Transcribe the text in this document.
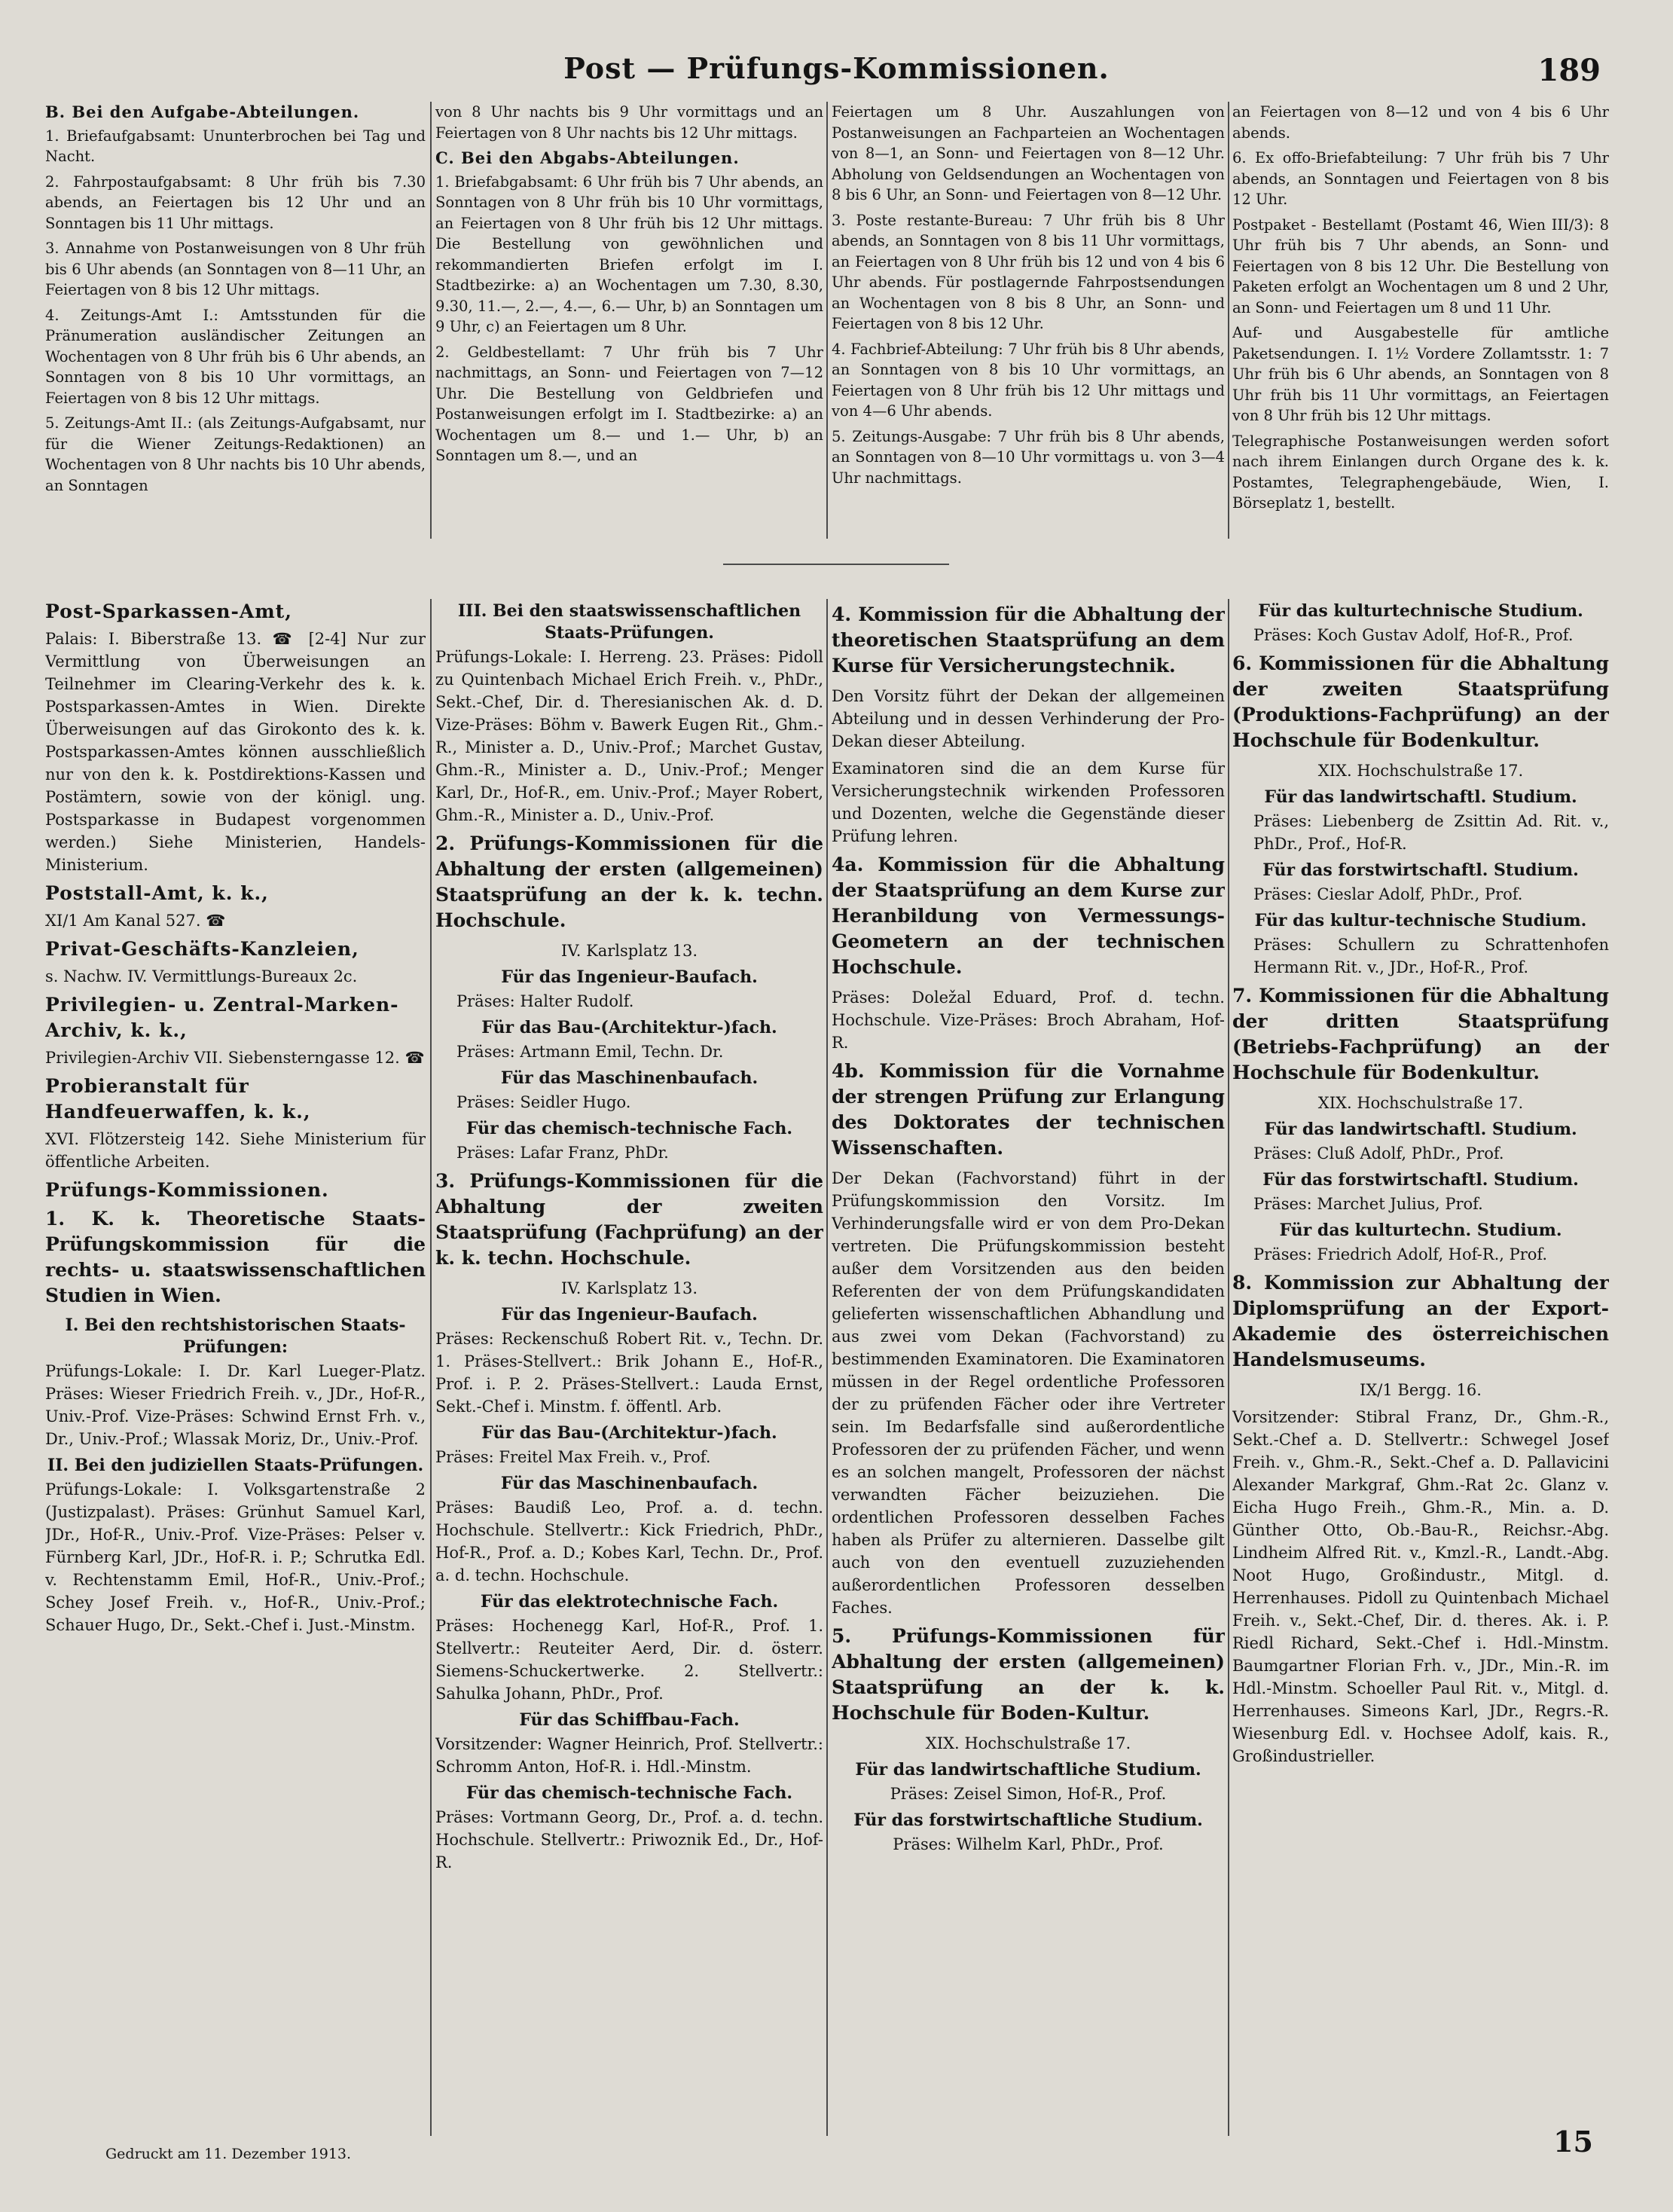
Post — Prüfungs-Kommissionen.	189
B. Bei den Aufgabe-Abteilungen.

1. Briefaufgabsamt: Ununterbrochen bei Tag und Nacht.

2. Fahrpostaufgabsamt: 8 Uhr früh bis 7.30 abends, an Feiertagen bis 12 Uhr und an Sonntagen bis 11 Uhr mittags.

3. Annahme von Postanweisungen von 8 Uhr früh bis 6 Uhr abends (an Sonntagen von 8—11 Uhr, an Feiertagen von 8 bis 12 Uhr mittags.

4. Zeitungs-Amt I.: Amtsstunden für die Pränumeration ausländischer Zeitungen an Wochentagen von 8 Uhr früh bis 6 Uhr abends, an Sonntagen von 8 bis 10 Uhr vormittags, an Feiertagen von 8 bis 12 Uhr mittags.

5. Zeitungs-Amt II.: (als Zeitungs-Aufgabsamt, nur für die Wiener Zeitungs-Redaktionen) an Wochentagen von 8 Uhr nachts bis 10 Uhr abends, an Sonntagen

von 8 Uhr nachts bis 9 Uhr vormittags und an Feiertagen von 8 Uhr nachts bis 12 Uhr mittags.

C. Bei den Abgabs-Abteilungen.

1. Briefabgabsamt: 6 Uhr früh bis 7 Uhr abends, an Sonntagen von 8 Uhr früh bis 10 Uhr vormittags, an Feiertagen von 8 Uhr früh bis 12 Uhr mittags. Die Bestellung von gewöhnlichen und rekommandierten Briefen erfolgt im I. Stadtbezirke: a) an Wochentagen um 7.30, 8.30, 9.30, 11.—, 2.—, 4.—, 6.— Uhr, b) an Sonntagen um 9 Uhr, c) an Feiertagen um 8 Uhr.

2. Geldbestellamt: 7 Uhr früh bis 7 Uhr nachmittags, an Sonn- und Feiertagen von 7—12 Uhr. Die Bestellung von Geldbriefen und Postanweisungen erfolgt im I. Stadtbezirke: a) an Wochentagen um 8.— und 1.— Uhr, b) an Sonntagen um 8.—, und an

Feiertagen um 8 Uhr. Auszahlungen von Postanweisungen an Fachparteien an Wochentagen von 8—1, an Sonn- und Feiertagen von 8—12 Uhr. Abholung von Geldsendungen an Wochentagen von 8 bis 6 Uhr, an Sonn- und Feiertagen von 8—12 Uhr.

3. Poste restante-Bureau: 7 Uhr früh bis 8 Uhr abends, an Sonntagen von 8 bis 11 Uhr vormittags, an Feiertagen von 8 Uhr früh bis 12 und von 4 bis 6 Uhr abends. Für postlagernde Fahrpostsendungen an Wochentagen von 8 bis 8 Uhr, an Sonn- und Feiertagen von 8 bis 12 Uhr.

4. Fachbrief-Abteilung: 7 Uhr früh bis 8 Uhr abends, an Sonntagen von 8 bis 10 Uhr vormittags, an Feiertagen von 8 Uhr früh bis 12 Uhr mittags und von 4—6 Uhr abends.

5. Zeitungs-Ausgabe: 7 Uhr früh bis 8 Uhr abends, an Sonntagen von 8—10 Uhr vormittags u. von 3—4 Uhr nachmittags.

an Feiertagen von 8—12 und von 4 bis 6 Uhr abends.

6. Ex offo-Briefabteilung: 7 Uhr früh bis 7 Uhr abends, an Sonntagen und Feiertagen von 8 bis 12 Uhr.

Postpaket - Bestellamt (Postamt 46, Wien III/3): 8 Uhr früh bis 7 Uhr abends, an Sonn- und Feiertagen von 8 bis 12 Uhr. Die Bestellung von Paketen erfolgt an Wochentagen um 8 und 2 Uhr, an Sonn- und Feiertagen um 8 und 11 Uhr.

Auf- und Ausgabestelle für amtliche Paketsendungen. I. 1½ Vordere Zollamtsstr. 1: 7 Uhr früh bis 6 Uhr abends, an Sonntagen von 8 Uhr früh bis 11 Uhr vormittags, an Feiertagen von 8 Uhr früh bis 12 Uhr mittags.

Telegraphische Postanweisungen werden sofort nach ihrem Einlangen durch Organe des k. k. Postamtes, Telegraphengebäude, Wien, I. Börseplatz 1, bestellt.

Post-Sparkassen-Amt,

Palais: I. Biberstraße 13. ☎ [2-4] Nur zur Vermittlung von Überweisungen an Teilnehmer im Clearing-Verkehr des k. k. Postsparkassen-Amtes in Wien. Direkte Überweisungen auf das Girokonto des k. k. Postsparkassen-Amtes können ausschließlich nur von den k. k. Postdirektions-Kassen und Postämtern, sowie von der königl. ung. Postsparkasse in Budapest vorgenommen werden.) Siehe Ministerien, Handels-Ministerium.

Poststall-Amt, k. k.,

XI/1 Am Kanal 527. ☎

Privat-Geschäfts-Kanzleien,

s. Nachw. IV. Vermittlungs-Bureaux 2c.

Privilegien- u. Zentral-Marken-Archiv, k. k.,

Privilegien-Archiv VII. Siebensterngasse 12. ☎

Probieranstalt für Handfeuerwaffen, k. k.,

XVI. Flötzersteig 142. Siehe Ministerium für öffentliche Arbeiten.

Prüfungs-Kommissionen.
1. K. k. Theoretische Staats-Prüfungskommission für die rechts- u. staatswissenschaftlichen Studien in Wien.
I. Bei den rechtshistorischen Staats-Prüfungen:

Prüfungs-Lokale: I. Dr. Karl Lueger-Platz. Präses: Wieser Friedrich Freih. v., JDr., Hof-R., Univ.-Prof. Vize-Präses: Schwind Ernst Frh. v., Dr., Univ.-Prof.; Wlassak Moriz, Dr., Univ.-Prof.

II. Bei den judiziellen Staats-Prüfungen.

Prüfungs-Lokale: I. Volksgartenstraße 2 (Justizpalast). Präses: Grünhut Samuel Karl, JDr., Hof-R., Univ.-Prof. Vize-Präses: Pelser v. Fürnberg Karl, JDr., Hof-R. i. P.; Schrutka Edl. v. Rechtenstamm Emil, Hof-R., Univ.-Prof.; Schey Josef Freih. v., Hof-R., Univ.-Prof.; Schauer Hugo, Dr., Sekt.-Chef i. Just.-Minstm.

Gedruckt am 11. Dezember 1913.
III. Bei den staatswissenschaftlichen Staats-Prüfungen.

Prüfungs-Lokale: I. Herreng. 23. Präses: Pidoll zu Quintenbach Michael Erich Freih. v., PhDr., Sekt.-Chef, Dir. d. Theresianischen Ak. d. D. Vize-Präses: Böhm v. Bawerk Eugen Rit., Ghm.-R., Minister a. D., Univ.-Prof.; Marchet Gustav, Ghm.-R., Minister a. D., Univ.-Prof.; Menger Karl, Dr., Hof-R., em. Univ.-Prof.; Mayer Robert, Ghm.-R., Minister a. D., Univ.-Prof.

2. Prüfungs-Kommissionen für die Abhaltung der ersten (allgemeinen) Staatsprüfung an der k. k. techn. Hochschule.

IV. Karlsplatz 13.

Für das Ingenieur-Baufach.

Präses: Halter Rudolf.

Für das Bau-(Architektur-)fach.

Präses: Artmann Emil, Techn. Dr.

Für das Maschinenbaufach.

Präses: Seidler Hugo.

Für das chemisch-technische Fach.

Präses: Lafar Franz, PhDr.

3. Prüfungs-Kommissionen für die Abhaltung der zweiten Staatsprüfung (Fachprüfung) an der k. k. techn. Hochschule.

IV. Karlsplatz 13.

Für das Ingenieur-Baufach.

Präses: Reckenschuß Robert Rit. v., Techn. Dr. 1. Präses-Stellvert.: Brik Johann E., Hof-R., Prof. i. P. 2. Präses-Stellvert.: Lauda Ernst, Sekt.-Chef i. Minstm. f. öffentl. Arb.

Für das Bau-(Architektur-)fach.

Präses: Freitel Max Freih. v., Prof.

Für das Maschinenbaufach.

Präses: Baudiß Leo, Prof. a. d. techn. Hochschule. Stellvertr.: Kick Friedrich, PhDr., Hof-R., Prof. a. D.; Kobes Karl, Techn. Dr., Prof. a. d. techn. Hochschule.

Für das elektrotechnische Fach.

Präses: Hochenegg Karl, Hof-R., Prof. 1. Stellvertr.: Reuteiter Aerd, Dir. d. österr. Siemens-Schuckertwerke. 2. Stellvertr.: Sahulka Johann, PhDr., Prof.

Für das Schiffbau-Fach.

Vorsitzender: Wagner Heinrich, Prof. Stellvertr.: Schromm Anton, Hof-R. i. Hdl.-Minstm.

Für das chemisch-technische Fach.

Präses: Vortmann Georg, Dr., Prof. a. d. techn. Hochschule. Stellvertr.: Priwoznik Ed., Dr., Hof-R.

4. Kommission für die Abhaltung der theoretischen Staatsprüfung an dem Kurse für Versicherungstechnik.

Den Vorsitz führt der Dekan der allgemeinen Abteilung und in dessen Verhinderung der Pro-Dekan dieser Abteilung.

Examinatoren sind die an dem Kurse für Versicherungstechnik wirkenden Professoren und Dozenten, welche die Gegenstände dieser Prüfung lehren.

4a. Kommission für die Abhaltung der Staatsprüfung an dem Kurse zur Heranbildung von Vermessungs-Geometern an der technischen Hochschule.

Präses: Doležal Eduard, Prof. d. techn. Hochschule. Vize-Präses: Broch Abraham, Hof-R.

4b. Kommission für die Vornahme der strengen Prüfung zur Erlangung des Doktorates der technischen Wissenschaften.

Der Dekan (Fachvorstand) führt in der Prüfungskommission den Vorsitz. Im Verhinderungsfalle wird er von dem Pro-Dekan vertreten. Die Prüfungskommission besteht außer dem Vorsitzenden aus den beiden Referenten der von dem Prüfungskandidaten gelieferten wissenschaftlichen Abhandlung und aus zwei vom Dekan (Fachvorstand) zu bestimmenden Examinatoren. Die Examinatoren müssen in der Regel ordentliche Professoren der zu prüfenden Fächer oder ihre Vertreter sein. Im Bedarfsfalle sind außerordentliche Professoren der zu prüfenden Fächer, und wenn es an solchen mangelt, Professoren der nächst verwandten Fächer beizuziehen. Die ordentlichen Professoren desselben Faches haben als Prüfer zu alternieren. Dasselbe gilt auch von den eventuell zuzuziehenden außerordentlichen Professoren desselben Faches.

5. Prüfungs-Kommissionen für Abhaltung der ersten (allgemeinen) Staatsprüfung an der k. k. Hochschule für Boden-Kultur.

XIX. Hochschulstraße 17.

Für das landwirtschaftliche Studium.

Präses: Zeisel Simon, Hof-R., Prof.

Für das forstwirtschaftliche Studium.

Präses: Wilhelm Karl, PhDr., Prof.

Für das kulturtechnische Studium.

Präses: Koch Gustav Adolf, Hof-R., Prof.

6. Kommissionen für die Abhaltung der zweiten Staatsprüfung (Produktions-Fachprüfung) an der Hochschule für Bodenkultur.

XIX. Hochschulstraße 17.

Für das landwirtschaftl. Studium.

Präses: Liebenberg de Zsittin Ad. Rit. v., PhDr., Prof., Hof-R.

Für das forstwirtschaftl. Studium.

Präses: Cieslar Adolf, PhDr., Prof.

Für das kultur-technische Studium.

Präses: Schullern zu Schrattenhofen Hermann Rit. v., JDr., Hof-R., Prof.

7. Kommissionen für die Abhaltung der dritten Staatsprüfung (Betriebs-Fachprüfung) an der Hochschule für Bodenkultur.

XIX. Hochschulstraße 17.

Für das landwirtschaftl. Studium.

Präses: Cluß Adolf, PhDr., Prof.

Für das forstwirtschaftl. Studium.

Präses: Marchet Julius, Prof.

Für das kulturtechn. Studium.

Präses: Friedrich Adolf, Hof-R., Prof.

8. Kommission zur Abhaltung der Diplomsprüfung an der Export-Akademie des österreichischen Handelsmuseums.

IX/1 Bergg. 16.

Vorsitzender: Stibral Franz, Dr., Ghm.-R., Sekt.-Chef a. D. Stellvertr.: Schwegel Josef Freih. v., Ghm.-R., Sekt.-Chef a. D. Pallavicini Alexander Markgraf, Ghm.-Rat 2c. Glanz v. Eicha Hugo Freih., Ghm.-R., Min. a. D. Günther Otto, Ob.-Bau-R., Reichsr.-Abg. Lindheim Alfred Rit. v., Kmzl.-R., Landt.-Abg. Noot Hugo, Großindustr., Mitgl. d. Herrenhauses. Pidoll zu Quintenbach Michael Freih. v., Sekt.-Chef, Dir. d. theres. Ak. i. P. Riedl Richard, Sekt.-Chef i. Hdl.-Minstm. Baumgartner Florian Frh. v., JDr., Min.-R. im Hdl.-Minstm. Schoeller Paul Rit. v., Mitgl. d. Herrenhauses. Simeons Karl, JDr., Regrs.-R. Wiesenburg Edl. v. Hochsee Adolf, kais. R., Großindustrieller.

15
